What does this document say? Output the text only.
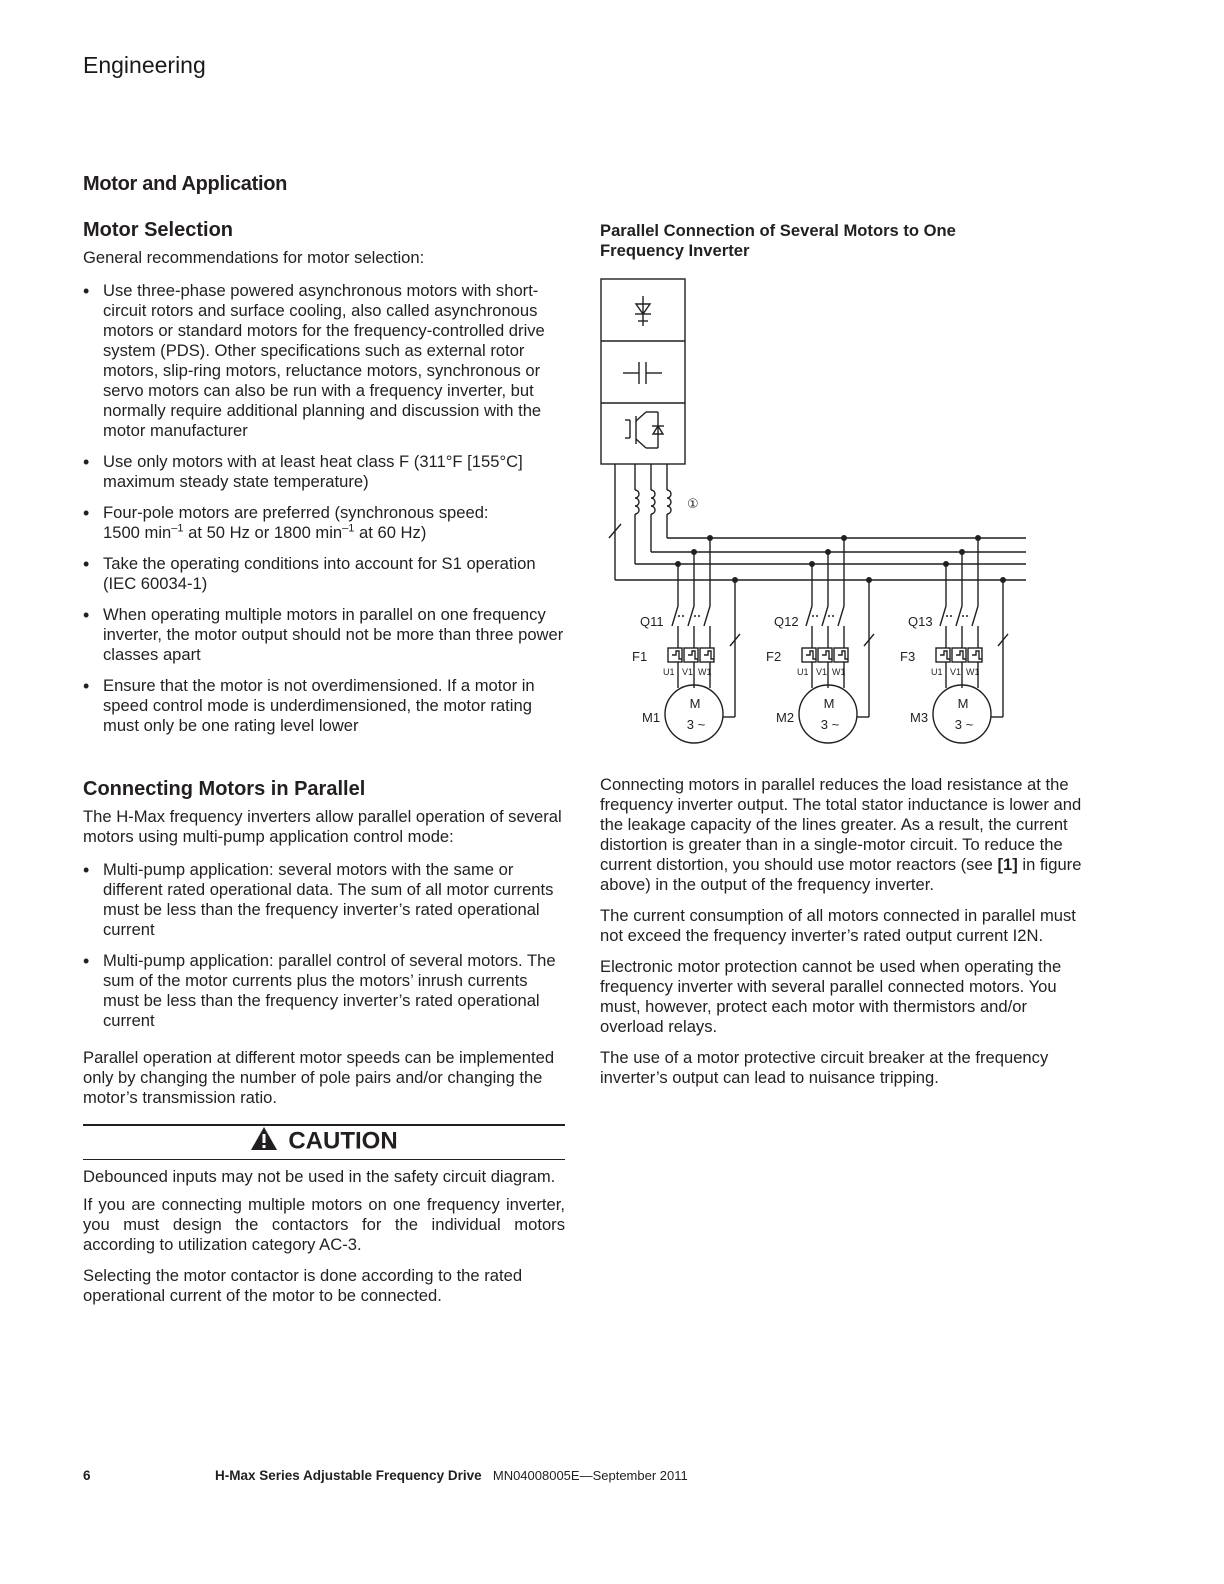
Engineering
Motor and Application
Motor Selection

General recommendations for motor selection:

• Use three-phase powered asynchronous motors with short-circuit rotors and surface cooling, also called asynchronous motors or standard motors for the frequency-controlled drive system (PDS). Other specifications such as external rotor motors, slip-ring motors, reluctance motors, synchronous or servo motors can also be run with a frequency inverter, but normally require additional planning and discussion with the motor manufacturer
• Use only motors with at least heat class F (311°F [155°C] maximum steady state temperature)
• Four-pole motors are preferred (synchronous speed:
1500 $\min^{-1}$ at 50 Hz or 1800 $\min^{-1}$ at 60 Hz)
• Take the operating conditions into account for S1 operation (IEC 60034-1)
• When operating multiple motors in parallel on one frequency inverter, the motor output should not be more than three power classes apart
• Ensure that the motor is not overdimensioned. If a motor in speed control mode is underdimensioned, the motor rating must only be one rating level lower
Connecting Motors in Parallel

The H-Max frequency inverters allow parallel operation of several motors using multi-pump application control mode:

• Multi-pump application: several motors with the same or different rated operational data. The sum of all motor currents must be less than the frequency inverter’s rated operational current
• Multi-pump application: parallel control of several motors. The sum of the motor currents plus the motors’ inrush currents must be less than the frequency inverter’s rated operational current

Parallel operation at different motor speeds can be implemented only by changing the number of pole pairs and/or changing the motor’s transmission ratio.

CAUTION

Debounced inputs may not be used in the safety circuit diagram.

If you are connecting multiple motors on one frequency inverter, you must design the contactors for the individual motors according to utilization category AC-3.

Selecting the motor contactor is done according to the rated operational current of the motor to be connected.

Parallel Connection of Several Motors to One Frequency Inverter
①
Q11
F1
M1
Q12
F2
M2
Q13
F3
M3
U1 V1 W1	U1 V1 W1	U1 V1 W1
M
3 ~
M
3 ~
M
3 ~

Connecting motors in parallel reduces the load resistance at the frequency inverter output. The total stator inductance is lower and the leakage capacity of the lines greater. As a result, the current distortion is greater than in a single-motor circuit. To reduce the current distortion, you should use motor reactors (see [1] in figure above) in the output of the frequency inverter.

The current consumption of all motors connected in parallel must not exceed the frequency inverter’s rated output current I2N.

Electronic motor protection cannot be used when operating the frequency inverter with several parallel connected motors. You must, however, protect each motor with thermistors and/or overload relays.

The use of a motor protective circuit breaker at the frequency inverter’s output can lead to nuisance tripping.

6	H-Max Series Adjustable Frequency Drive MN04008005E—September 2011
